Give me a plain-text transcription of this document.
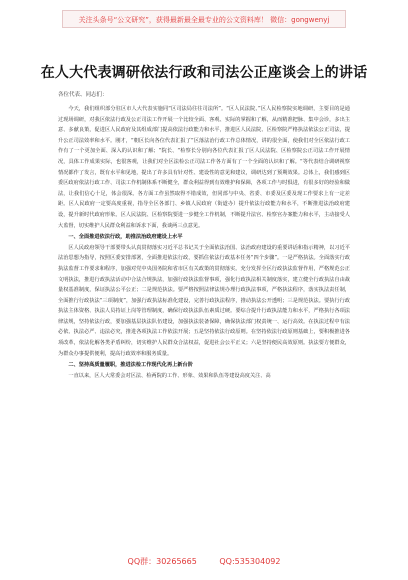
关注头条号“公文研究”，获得最新最全最专业的公文资料库！ 微信：gongwenyj
在人大代表调研依法行政和司法公正座谈会上的讲话
各位代表、同志们：

今天，我们组织部分驻区市人大代表实施同“区司法局往往司法所”。“区人民法院、”区人民检察院实地调研，主要目的是通过现场调研，对我区依法行政及公正司法工作开展一个比较全面、客观、实际的掌握和了解，从而精准把脉、集中会诊，多出主意、多献良策，促进区人民政府及其组成部门提高依法行政能力和水平，推进区人民法院、区检察院严格执法依法公正司法，提升公正司法效率和水平。刚才，“朝区长向各位代表汇报了“区落法治行政工作总体情况，讲的很全面，使我们对全区依法行政工作有了一个更加全面、深入的认识和了解；“院长、“检察长分别向各位代表汇报了区人民法院、区检察院公正司法工作开展情况，具体工作成果实际，也很客观，让我们对全区法检公正司法工作各方面有了一个全面的认识和了解。“等代表结合调研视察情况都作了发言，既有水平和见地，提出了许多具有针对性、建设性的意见和建议，调研达到了预期效果。总体上，我们感到区委区政府依法行政工作、司法工作机制体系不断健全，群众利益得到有效维护和保障，各项工作与时俱进，有很多好的经验和做法，让我们信心十足，体会很深。各方面工作虽然取得不错成效，但同部与中央、省委、市委及区委及现工作要求上有一定差距。区人民政府一定要高度重视，指导全区各部门、乡镇人民政府（街道办）提升依法行政能力和水平，不断推进法治政府建设，提升新时代政府形象。区人民法院、区检察院要进一步健全工作机制，不断提升法官、检察官办案能力和水平，主动接受人大监督，切实维护人民群众利益和诉求下面，我谈两三点意见。

一、全面推进依法行政，助推法治政府建设上水平

区人民政府领导干部要带头认真贯彻落实习近平总书记关于全面依法治国、法治政府建设的重要讲话和指示精神，以习近平法治思想为指导，按照区委安排部署，全面推进依法行政，要抓住依法行政基本任务“四个步骤”。一是严格执法。全面落实行政执法监督工作要求和程序，加强对党中央国务院和省市区有关政策的贯彻落实。充分发挥全区行政执法监督作用，严格规范公正文明执法，推进行政执法活动中合法合规执法，加强行政执法监督事项，强化行政执法相关制度落实，建立健全行政执法自由裁量权基准制度，保证执法公平公正；二是规范执法。要严格按照法律法规办理行政执法事项，严格执法程序，落实执法责任制，全面推行行政执法“三项制度”，加强行政执法标准化建设，完善行政执法程序，推动执法公开透明；三是规范执法。要执行行政执法主体资格、执法人员持证上岗等管理制度，确保行政执法队伍素质过硬。要综合提升行政执法能力和水平，严格执行各项法律法规，坚持依法行政，要加强基层执法队伍建设，加强执法装备保障，确保执法部门权责统一、运行高效。在执法过程中有法必依、执法必严、违法必究，推进各项执法工作依法开展；五是坚持依法行政原则。在坚持依法行政原则基础上，要积极推进各项改革，依法化解各类矛盾纠纷，切实维护人民群众合法权益，促进社会公平正义；六是坚持便民高效原则。执法要方便群众，为群众办事提供便利，提高行政效率和服务质量。

二、坚持高质量履职，推进法检工作现代化再上新台阶

一直以来，区人大常委会对区法、检两院的工作、形象、效果和队伍等建设高度关注、高

QQ群：30265665	QQ:535304092
